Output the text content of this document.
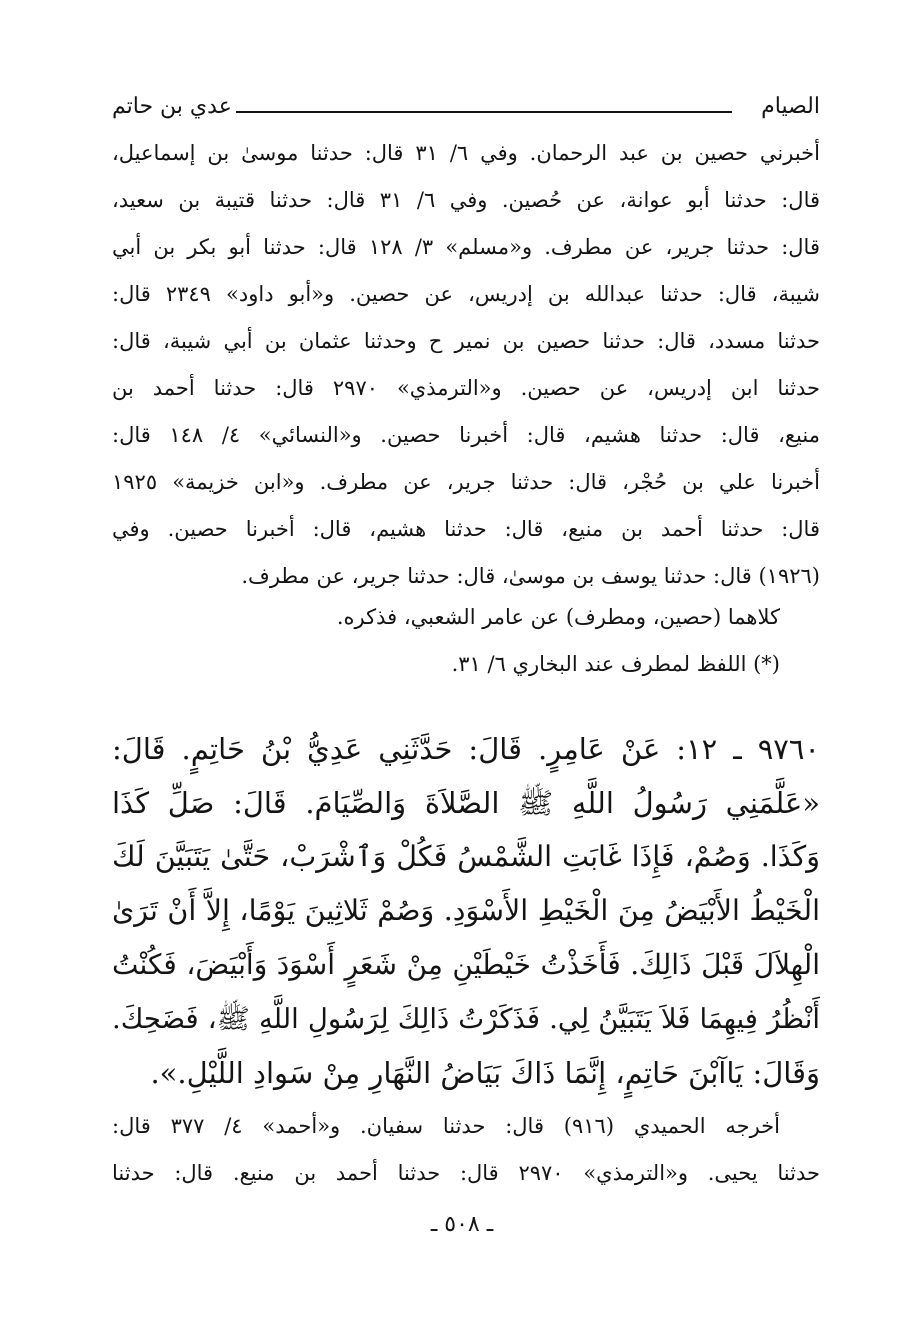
الصيام
عدي بن حاتم
أخبرني حصين بن عبد الرحمان. وفي ٦/ ٣١ قال: حدثنا موسىٰ بن إسماعيل،
قال: حدثنا أبو عوانة، عن حُصين. وفي ٦/ ٣١ قال: حدثنا قتيبة بن سعيد،
قال: حدثنا جرير، عن مطرف. و«مسلم» ٣/ ١٢٨ قال: حدثنا أبو بكر بن أبي
شيبة، قال: حدثنا عبدالله بن إدريس، عن حصين. و«أبو داود» ٢٣٤٩ قال:
حدثنا مسدد، قال: حدثنا حصين بن نمير ح وحدثنا عثمان بن أبي شيبة، قال:
حدثنا ابن إدريس، عن حصين. و«الترمذي» ٢٩٧٠ قال: حدثنا أحمد بن
منيع، قال: حدثنا هشيم، قال: أخبرنا حصين. و«النسائي» ٤/ ١٤٨ قال:
أخبرنا علي بن حُجْر، قال: حدثنا جرير، عن مطرف. و«ابن خزيمة» ١٩٢٥
قال: حدثنا أحمد بن منيع، قال: حدثنا هشيم، قال: أخبرنا حصين. وفي
(١٩٢٦) قال: حدثنا يوسف بن موسىٰ، قال: حدثنا جرير، عن مطرف.
كلاهما (حصين، ومطرف) عن عامر الشعبي، فذكره.
(*) اللفظ لمطرف عند البخاري ٦/ ٣١.
٩٧٦٠ ـ ١٢: عَنْ عَامِرٍ. قَالَ: حَدَّثَنِي عَدِيُّ بْنُ حَاتِمٍ. قَالَ:
«عَلَّمَنِي رَسُولُ اللَّهِ ﷺ الصَّلاَةَ وَالصِّيَامَ. قَالَ: صَلِّ كَذَا
وَكَذَا. وَصُمْ، فَإِذَا غَابَتِ الشَّمْسُ فَكُلْ وَٱشْرَبْ، حَتَّىٰ يَتَبَيَّنَ لَكَ
الْخَيْطُ الأَبْيَضُ مِنَ الْخَيْطِ الأَسْوَدِ. وَصُمْ ثَلاثِينَ يَوْمًا، إِلاَّ أَنْ تَرَىٰ
الْهِلاَلَ قَبْلَ ذَالِكَ. فَأَخَذْتُ خَيْطَيْنِ مِنْ شَعَرٍ أَسْوَدَ وَأَبْيَضَ، فَكُنْتُ
أَنْظُرُ فِيهِمَا فَلاَ يَتَبَيَّنُ لِي. فَذَكَرْتُ ذَالِكَ لِرَسُولِ اللَّهِ ﷺ، فَضَحِكَ.
وَقَالَ: يَاآبْنَ حَاتِمٍ، إِنَّمَا ذَاكَ بَيَاضُ النَّهَارِ مِنْ سَوادِ اللَّيْلِ.».
أخرجه الحميدي (٩١٦) قال: حدثنا سفيان. و«أحمد» ٤/ ٣٧٧ قال:
حدثنا يحيى. و«الترمذي» ٢٩٧٠ قال: حدثنا أحمد بن منيع. قال: حدثنا
ـ ٥٠٨ ـ
